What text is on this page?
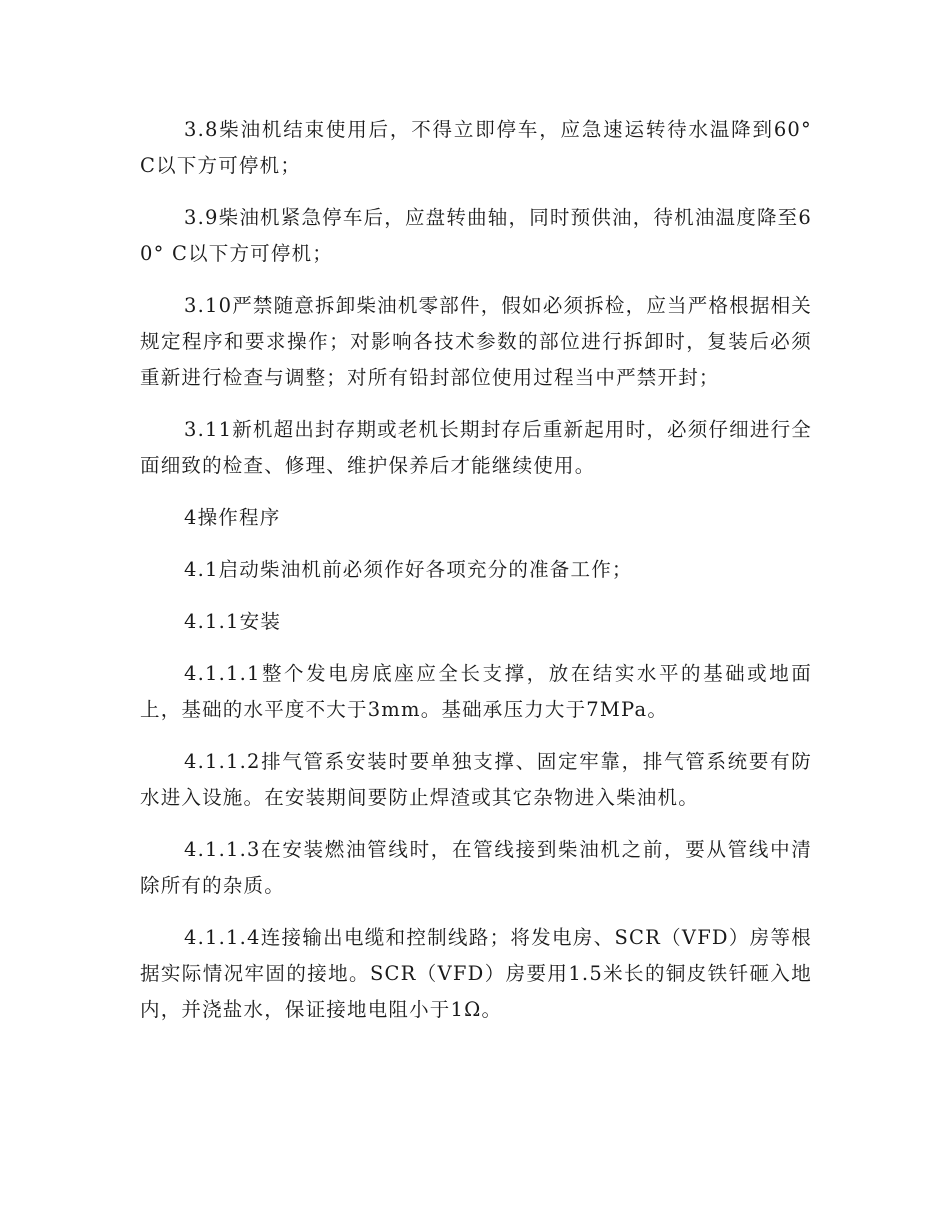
3.8柴油机结束使用后，不得立即停车，应急速运转待水温降到60° C以下方可停机；

3.9柴油机紧急停车后，应盘转曲轴，同时预供油，待机油温度降至60° C以下方可停机；

3.10严禁随意拆卸柴油机零部件，假如必须拆检，应当严格根据相关规定程序和要求操作；对影响各技术参数的部位进行拆卸时，复装后必须重新进行检查与调整；对所有铅封部位使用过程当中严禁开封；

3.11新机超出封存期或老机长期封存后重新起用时，必须仔细进行全面细致的检查、修理、维护保养后才能继续使用。

4操作程序

4.1启动柴油机前必须作好各项充分的准备工作；

4.1.1安装

4.1.1.1整个发电房底座应全长支撑，放在结实水平的基础或地面上，基础的水平度不大于3mm。基础承压力大于7MPa。

4.1.1.2排气管系安装时要单独支撑、固定牢靠，排气管系统要有防水进入设施。在安装期间要防止焊渣或其它杂物进入柴油机。

4.1.1.3在安装燃油管线时，在管线接到柴油机之前，要从管线中清除所有的杂质。

4.1.1.4连接输出电缆和控制线路；将发电房、SCR（VFD）房等根据实际情况牢固的接地。SCR（VFD）房要用1.5米长的铜皮铁钎砸入地内，并浇盐水，保证接地电阻小于1Ω。
